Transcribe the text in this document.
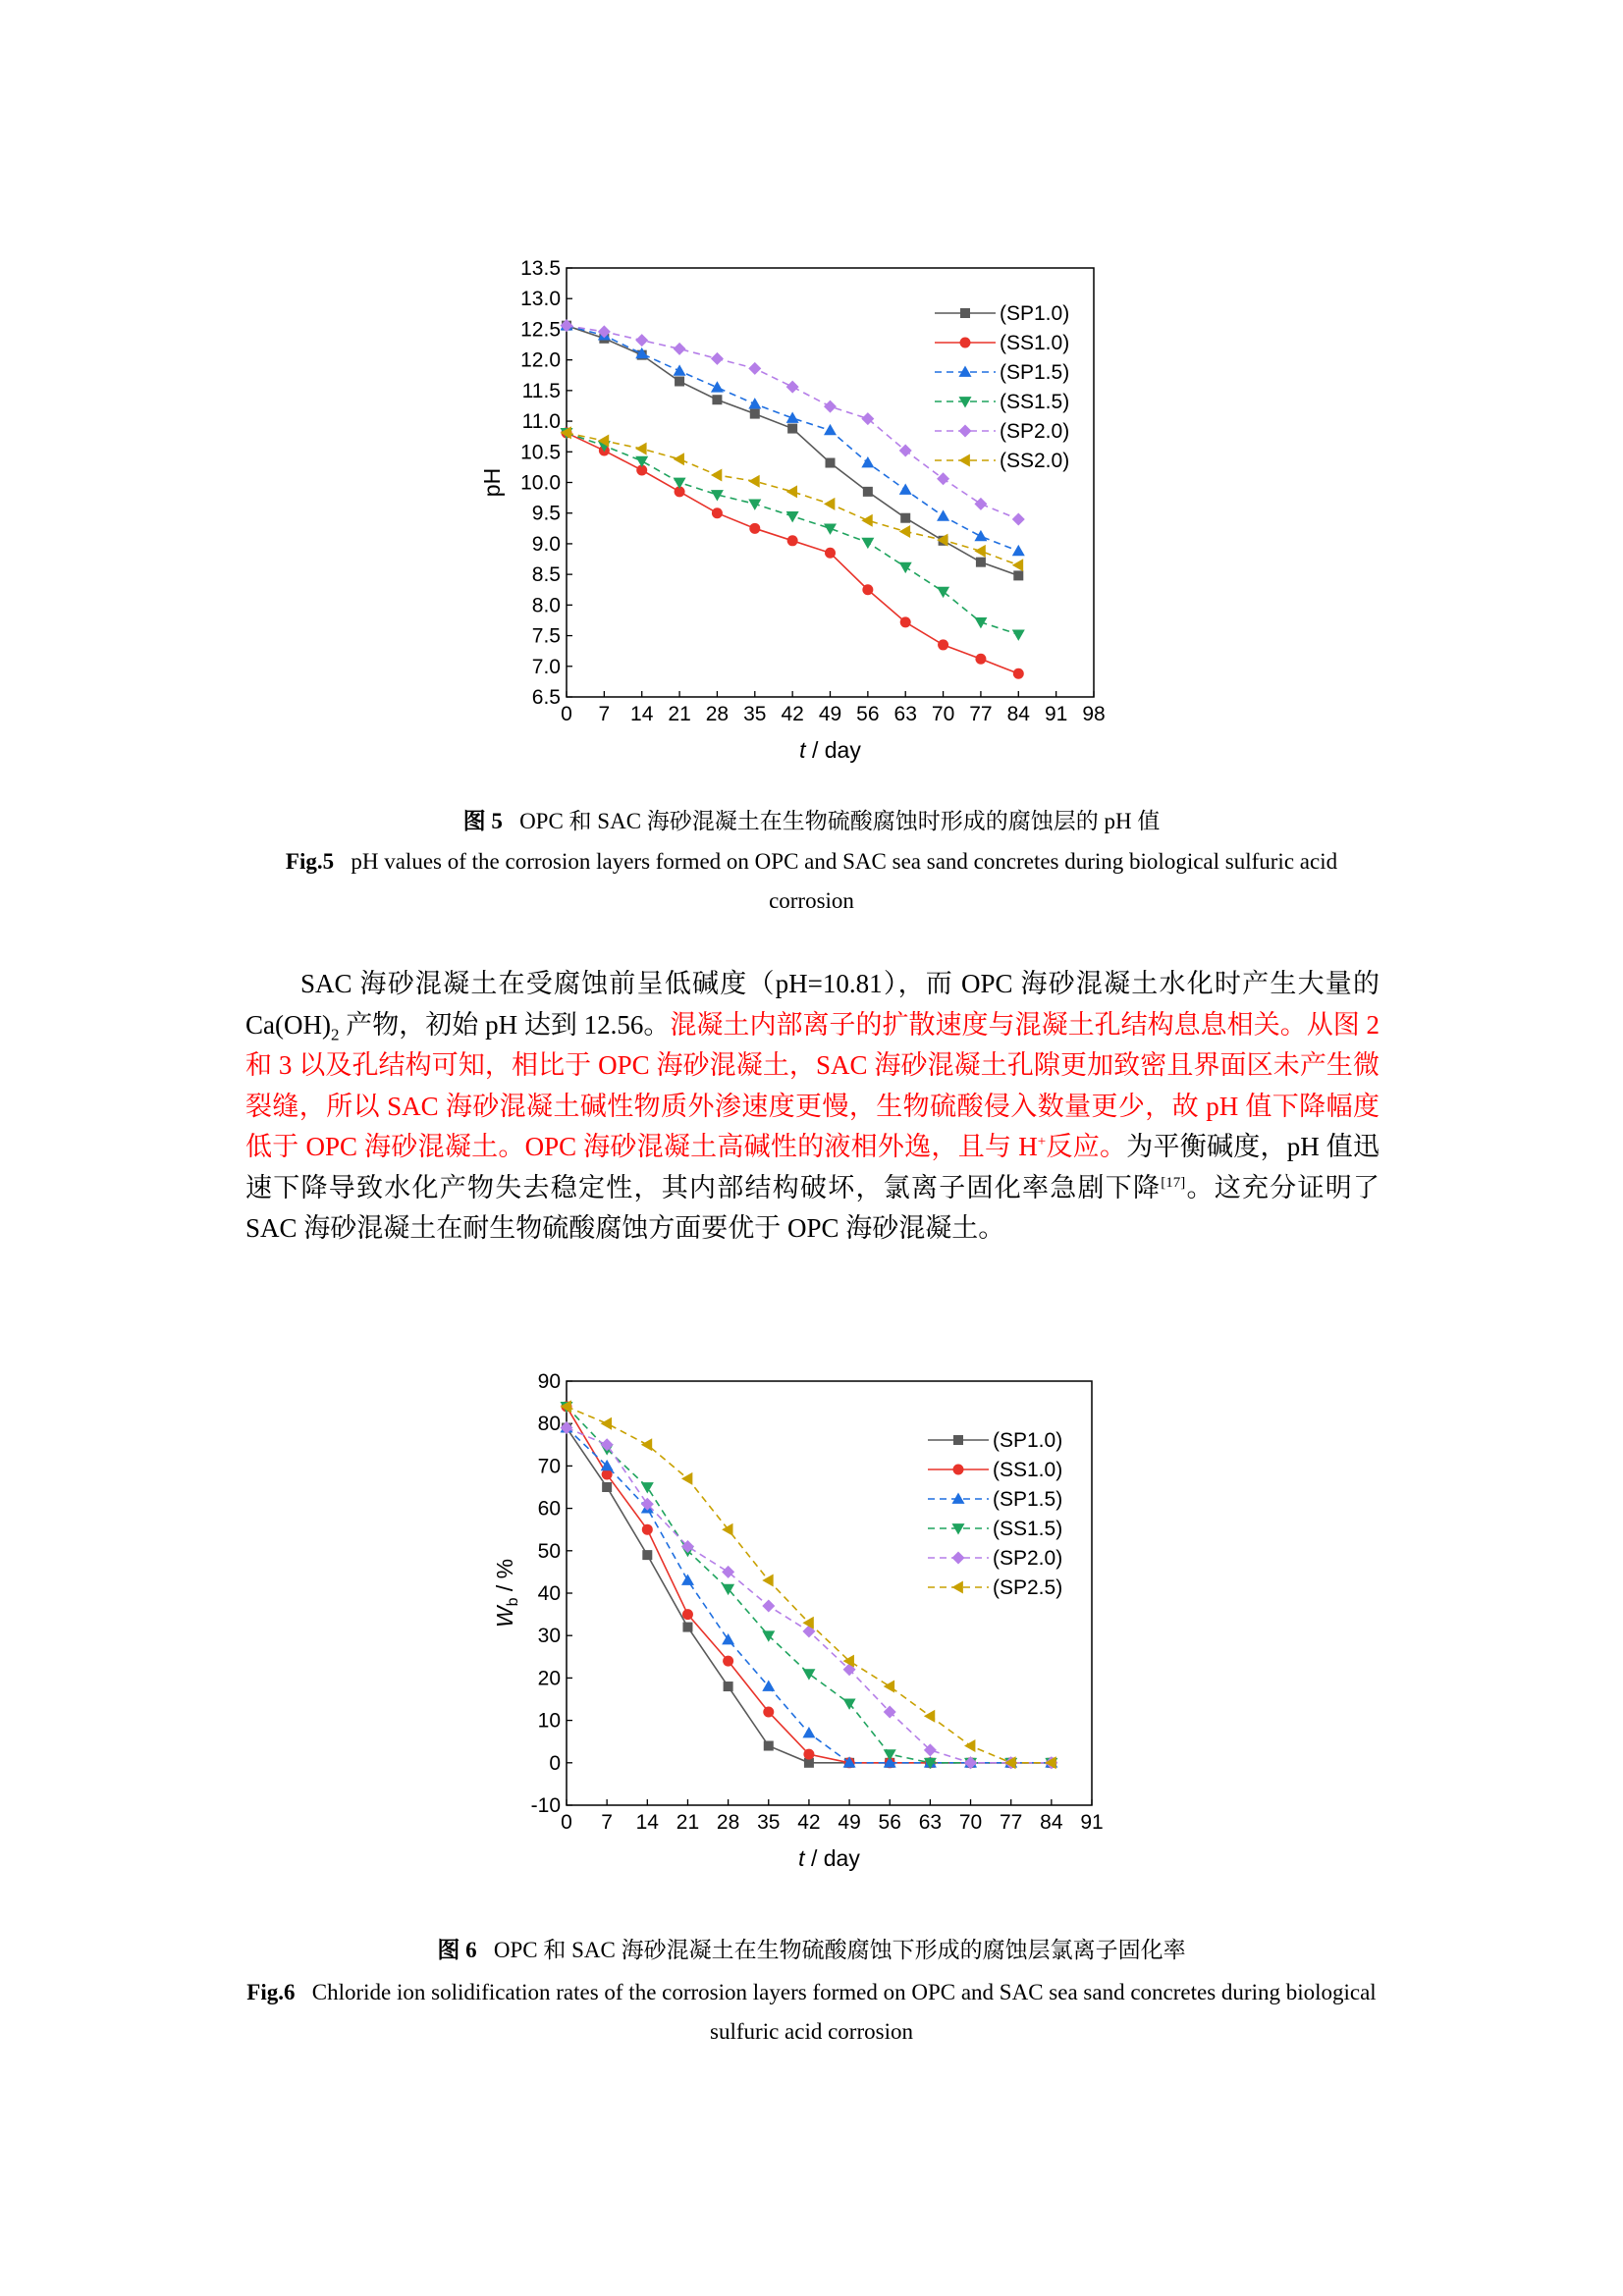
0 7 14 21 28 35 42 49 56 63 70 77 84 91 98
6.5
7.0
7.5
8.0
8.5
9.0
9.5
10.0
10.5
11.0
11.5
12.0
12.5
13.0
13.5
t / day
pH
(SP1.0)
(SS1.0)
(SP1.5)
(SS1.5)
(SP2.0)
(SS2.0)
图 5 OPC 和 SAC 海砂混凝土在生物硫酸腐蚀时形成的腐蚀层的 pH 值
Fig.5 pH values of the corrosion layers formed on OPC and SAC sea sand concretes during biological sulfuric acid corrosion

SAC 海砂混凝土在受腐蚀前呈低碱度（pH=10.81），而 OPC 海砂混凝土水化时产生大量的 $Ca(OH)_2$ 产物，初始 pH 达到 12.56。混凝土内部离子的扩散速度与混凝土孔结构息息相关。从图 2 和 3 以及孔结构可知，相比于 OPC 海砂混凝土，SAC 海砂混凝土孔隙更加致密且界面区未产生微裂缝，所以 SAC 海砂混凝土碱性物质外渗速度更慢，生物硫酸侵入数量更少，故 pH 值下降幅度低于 OPC 海砂混凝土。OPC 海砂混凝土高碱性的液相外逸，且与 H+反应。为平衡碱度，pH 值迅速下降导致水化产物失去稳定性，其内部结构破坏，氯离子固化率急剧下降[17]。这充分证明了 SAC 海砂混凝土在耐生物硫酸腐蚀方面要优于 OPC 海砂混凝土。

0 7 14 21 28 35 42 49 56 63 70 77 84 91
-10
0
10
20
30
40
50
60
70
80
90
t / day
$W_b$ / %
(SP1.0)
(SS1.0)
(SP1.5)
(SS1.5)
(SP2.0)
(SP2.5)
图 6 OPC 和 SAC 海砂混凝土在生物硫酸腐蚀下形成的腐蚀层氯离子固化率
Fig.6 Chloride ion solidification rates of the corrosion layers formed on OPC and SAC sea sand concretes during biological sulfuric acid corrosion
